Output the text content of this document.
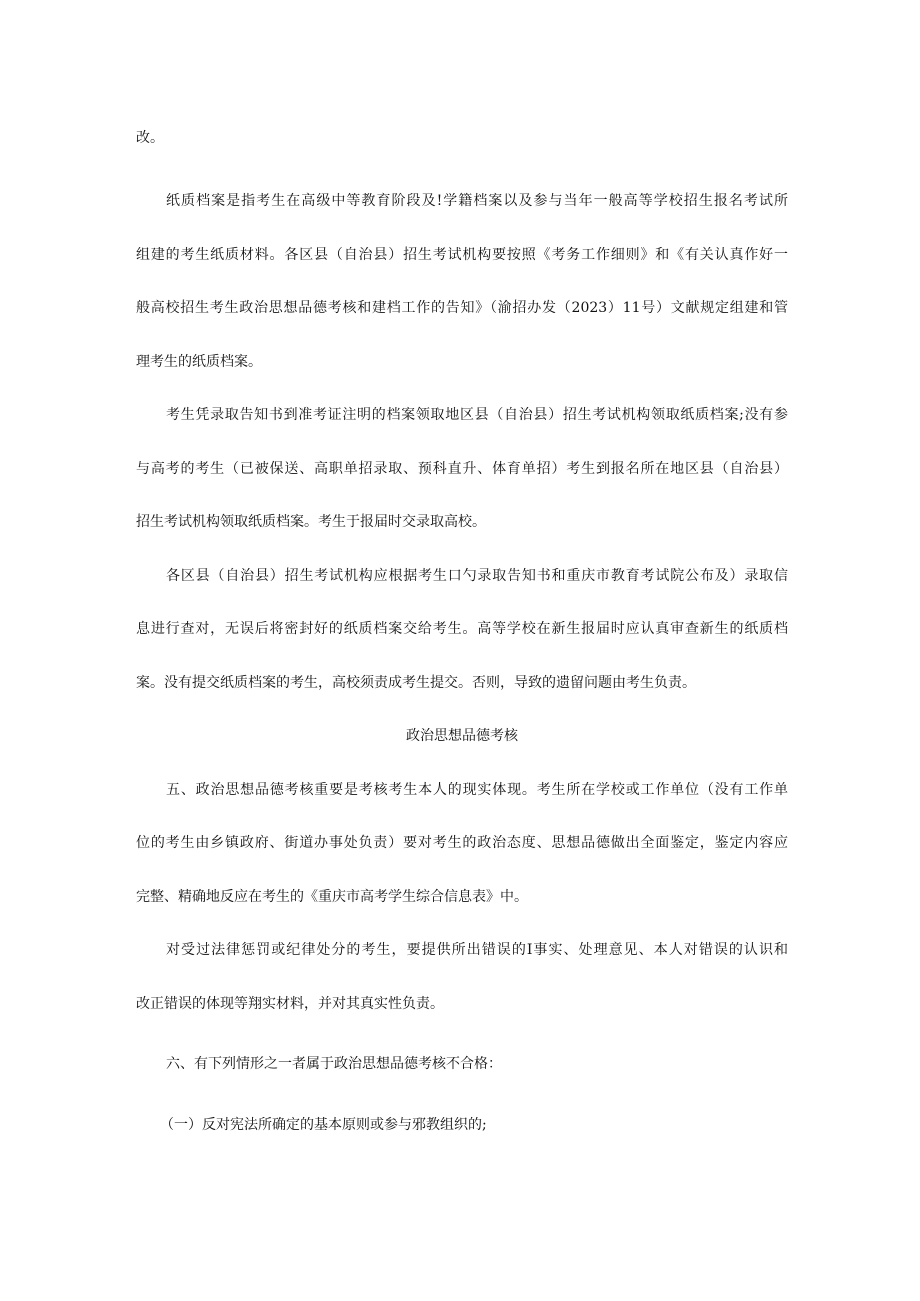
改。
纸质档案是指考生在高级中等教育阶段及!学籍档案以及参与当年一般高等学校招生报名考试所
组建的考生纸质材料。各区县（自治县）招生考试机构要按照《考务工作细则》和《有关认真作好一
般高校招生考生政治思想品德考核和建档工作的告知》（渝招办发（2023）11号）文献规定组建和管
理考生的纸质档案。
考生凭录取告知书到准考证注明的档案领取地区县（自治县）招生考试机构领取纸质档案;没有参
与高考的考生（已被保送、高职单招录取、预科直升、体育单招）考生到报名所在地区县（自治县）
招生考试机构领取纸质档案。考生于报届时交录取高校。
各区县（自治县）招生考试机构应根据考生口勺录取告知书和重庆市教育考试院公布及）录取信
息进行查对，无误后将密封好的纸质档案交给考生。高等学校在新生报届时应认真审查新生的纸质档
案。没有提交纸质档案的考生，高校须责成考生提交。否则，导致的遗留问题由考生负责。
政治思想品德考核
五、政治思想品德考核重要是考核考生本人的现实体现。考生所在学校或工作单位（没有工作单
位的考生由乡镇政府、街道办事处负责）要对考生的政治态度、思想品德做出全面鉴定，鉴定内容应
完整、精确地反应在考生的《重庆市高考学生综合信息表》中。
对受过法律惩罚或纪律处分的考生，要提供所出错误的I事实、处理意见、本人对错误的认识和
改正错误的体现等翔实材料，并对其真实性负责。
六、有下列情形之一者属于政治思想品德考核不合格：
（一）反对宪法所确定的基本原则或参与邪教组织的;
